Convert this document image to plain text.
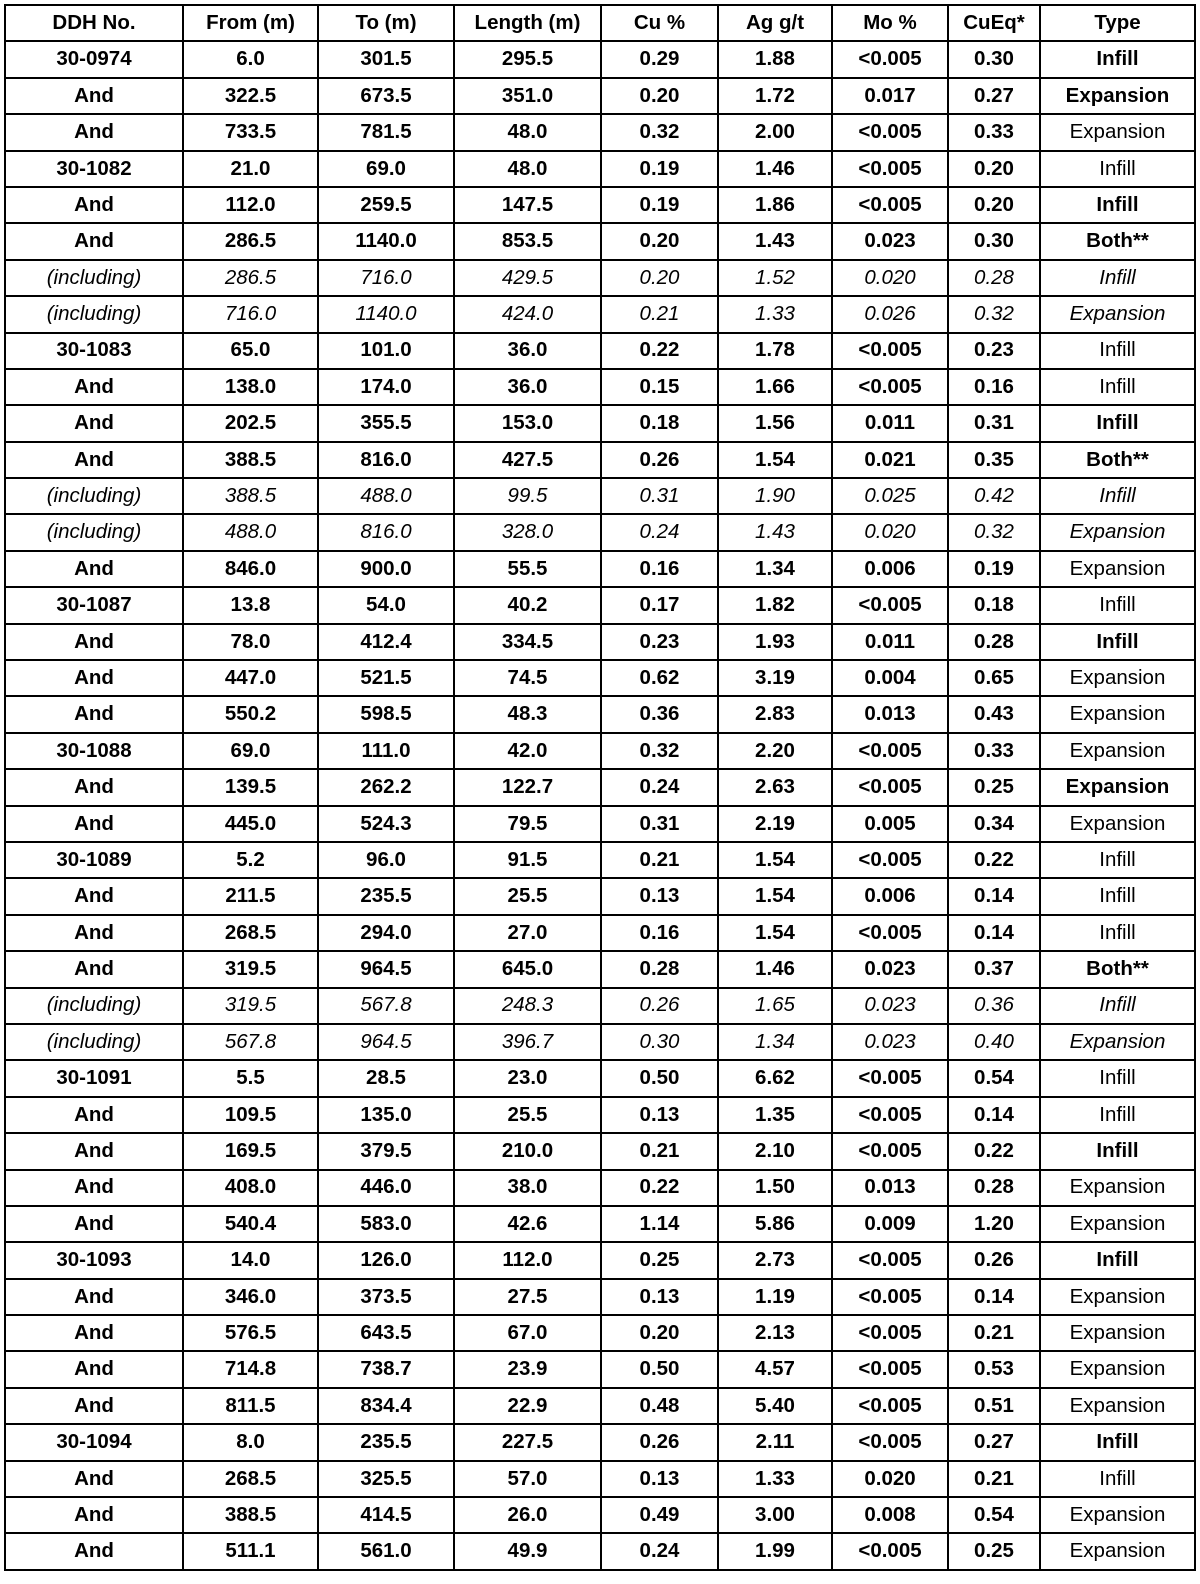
DDH No.	From (m)	To (m)	Length (m)	Cu %	Ag g/t	Mo %	CuEq*	Type
30-0974	6.0	301.5	295.5	0.29	1.88	<0.005	0.30	Infill
And	322.5	673.5	351.0	0.20	1.72	0.017	0.27	Expansion
And	733.5	781.5	48.0	0.32	2.00	<0.005	0.33	Expansion
30-1082	21.0	69.0	48.0	0.19	1.46	<0.005	0.20	Infill
And	112.0	259.5	147.5	0.19	1.86	<0.005	0.20	Infill
And	286.5	1140.0	853.5	0.20	1.43	0.023	0.30	Both**
(including)	286.5	716.0	429.5	0.20	1.52	0.020	0.28	Infill
(including)	716.0	1140.0	424.0	0.21	1.33	0.026	0.32	Expansion
30-1083	65.0	101.0	36.0	0.22	1.78	<0.005	0.23	Infill
And	138.0	174.0	36.0	0.15	1.66	<0.005	0.16	Infill
And	202.5	355.5	153.0	0.18	1.56	0.011	0.31	Infill
And	388.5	816.0	427.5	0.26	1.54	0.021	0.35	Both**
(including)	388.5	488.0	99.5	0.31	1.90	0.025	0.42	Infill
(including)	488.0	816.0	328.0	0.24	1.43	0.020	0.32	Expansion
And	846.0	900.0	55.5	0.16	1.34	0.006	0.19	Expansion
30-1087	13.8	54.0	40.2	0.17	1.82	<0.005	0.18	Infill
And	78.0	412.4	334.5	0.23	1.93	0.011	0.28	Infill
And	447.0	521.5	74.5	0.62	3.19	0.004	0.65	Expansion
And	550.2	598.5	48.3	0.36	2.83	0.013	0.43	Expansion
30-1088	69.0	111.0	42.0	0.32	2.20	<0.005	0.33	Expansion
And	139.5	262.2	122.7	0.24	2.63	<0.005	0.25	Expansion
And	445.0	524.3	79.5	0.31	2.19	0.005	0.34	Expansion
30-1089	5.2	96.0	91.5	0.21	1.54	<0.005	0.22	Infill
And	211.5	235.5	25.5	0.13	1.54	0.006	0.14	Infill
And	268.5	294.0	27.0	0.16	1.54	<0.005	0.14	Infill
And	319.5	964.5	645.0	0.28	1.46	0.023	0.37	Both**
(including)	319.5	567.8	248.3	0.26	1.65	0.023	0.36	Infill
(including)	567.8	964.5	396.7	0.30	1.34	0.023	0.40	Expansion
30-1091	5.5	28.5	23.0	0.50	6.62	<0.005	0.54	Infill
And	109.5	135.0	25.5	0.13	1.35	<0.005	0.14	Infill
And	169.5	379.5	210.0	0.21	2.10	<0.005	0.22	Infill
And	408.0	446.0	38.0	0.22	1.50	0.013	0.28	Expansion
And	540.4	583.0	42.6	1.14	5.86	0.009	1.20	Expansion
30-1093	14.0	126.0	112.0	0.25	2.73	<0.005	0.26	Infill
And	346.0	373.5	27.5	0.13	1.19	<0.005	0.14	Expansion
And	576.5	643.5	67.0	0.20	2.13	<0.005	0.21	Expansion
And	714.8	738.7	23.9	0.50	4.57	<0.005	0.53	Expansion
And	811.5	834.4	22.9	0.48	5.40	<0.005	0.51	Expansion
30-1094	8.0	235.5	227.5	0.26	2.11	<0.005	0.27	Infill
And	268.5	325.5	57.0	0.13	1.33	0.020	0.21	Infill
And	388.5	414.5	26.0	0.49	3.00	0.008	0.54	Expansion
And	511.1	561.0	49.9	0.24	1.99	<0.005	0.25	Expansion
